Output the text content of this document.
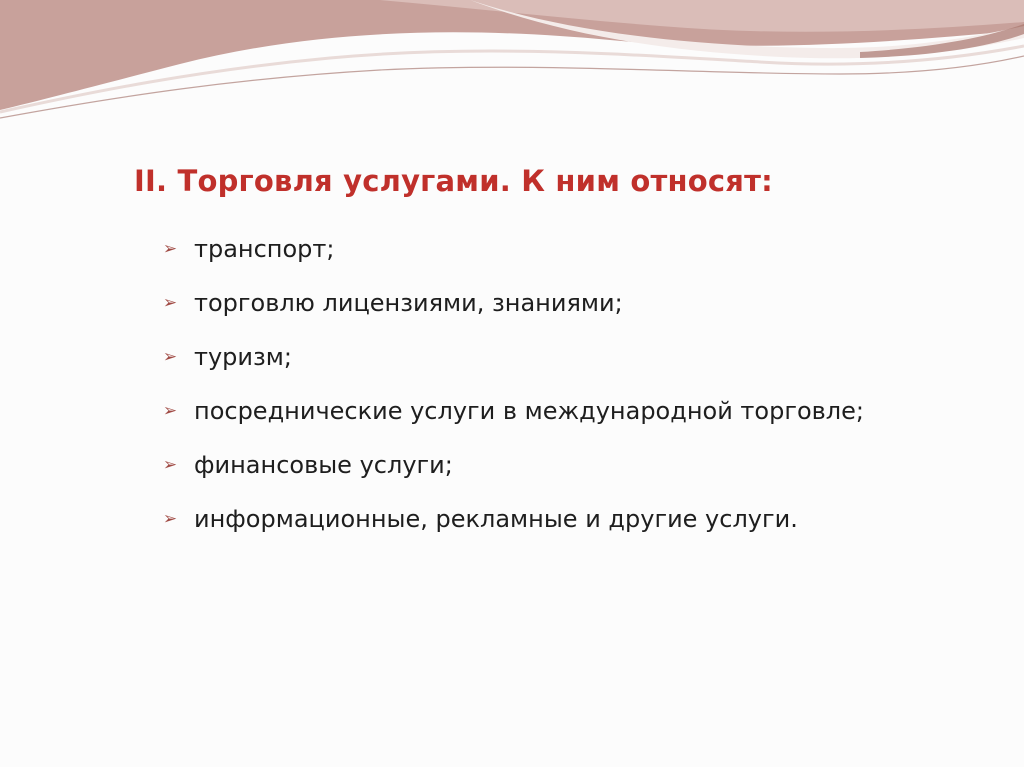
II. Торговля услугами. К ним относят:
➢ транспорт;
➢ торговлю лицензиями, знаниями;
➢ туризм;
➢ посреднические услуги в международной торговле;
➢ финансовые услуги;
➢ информационные, рекламные и другие услуги.
